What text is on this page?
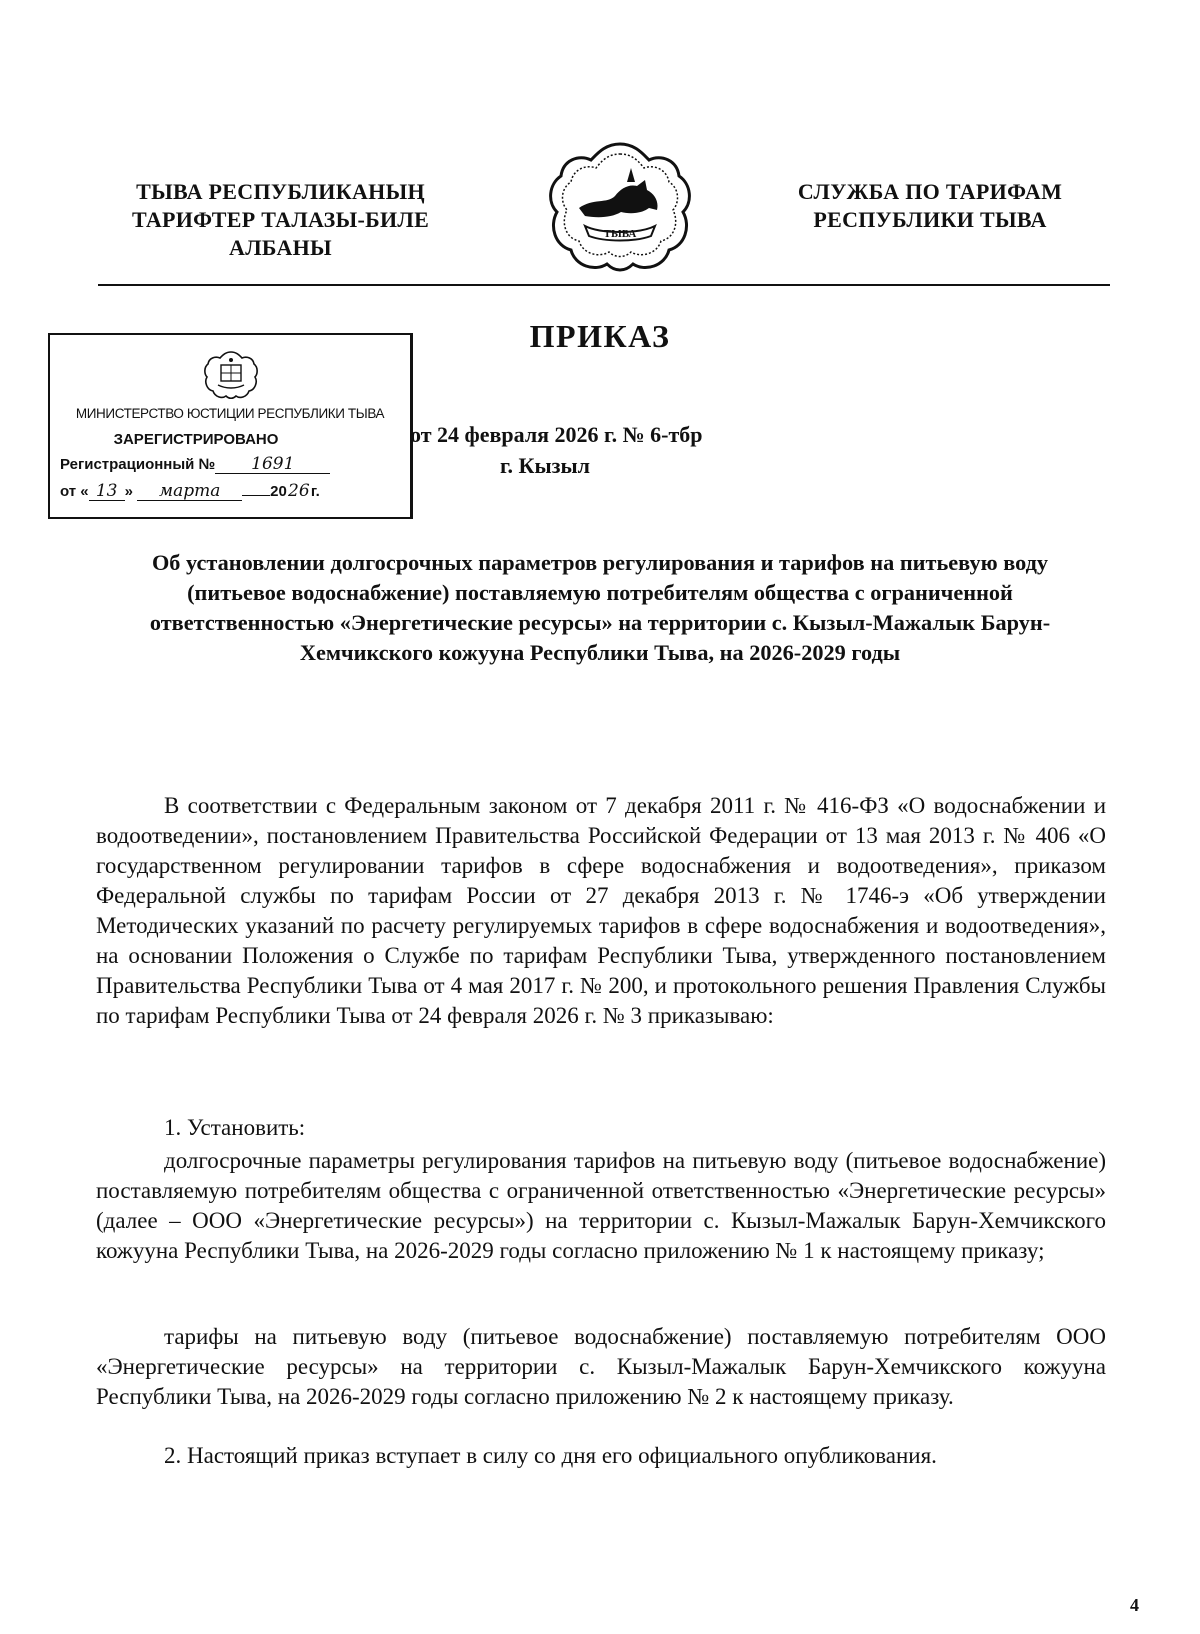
ТЫВА РЕСПУБЛИКАНЫҢ
ТАРИФТЕР ТАЛАЗЫ-БИЛЕ
АЛБАНЫ
ТЫВА
СЛУЖБА ПО ТАРИФАМ
РЕСПУБЛИКИ ТЫВА
ПРИКАЗ
МИНИСТЕРСТВО ЮСТИЦИИ РЕСПУБЛИКИ ТЫВА
ЗАРЕГИСТРИРОВАНО
Регистрационный № 1691
от « 13 » марта	2026г.
от 24 февраля 2026 г. № 6-тбр
г. Кызыл
Об установлении долгосрочных параметров регулирования и тарифов на питьевую воду (питьевое водоснабжение) поставляемую потребителям общества с ограниченной ответственностью «Энергетические ресурсы» на территории с. Кызыл-Мажалык Барун-Хемчикского кожууна Республики Тыва, на 2026-2029 годы

В соответствии с Федеральным законом от 7 декабря 2011 г. № 416-ФЗ «О водоснабжении и водоотведении», постановлением Правительства Российской Федерации от 13 мая 2013 г. № 406 «О государственном регулировании тарифов в сфере водоснабжения и водоотведения», приказом Федеральной службы по тарифам России от 27 декабря 2013 г. № 1746-э «Об утверждении Методических указаний по расчету регулируемых тарифов в сфере водоснабжения и водоотведения», на основании Положения о Службе по тарифам Республики Тыва, утвержденного постановлением Правительства Республики Тыва от 4 мая 2017 г. № 200, и протокольного решения Правления Службы по тарифам Республики Тыва от 24 февраля 2026 г. № 3 приказываю:

1. Установить:

долгосрочные параметры регулирования тарифов на питьевую воду (питьевое водоснабжение) поставляемую потребителям общества с ограниченной ответственностью «Энергетические ресурсы» (далее – ООО «Энергетические ресурсы») на территории с. Кызыл-Мажалык Барун-Хемчикского кожууна Республики Тыва, на 2026-2029 годы согласно приложению № 1 к настоящему приказу;

тарифы на питьевую воду (питьевое водоснабжение) поставляемую потребителям ООО «Энергетические ресурсы» на территории с. Кызыл-Мажалык Барун-Хемчикского кожууна Республики Тыва, на 2026-2029 годы согласно приложению № 2 к настоящему приказу.

2. Настоящий приказ вступает в силу со дня его официального опубликования.

4
